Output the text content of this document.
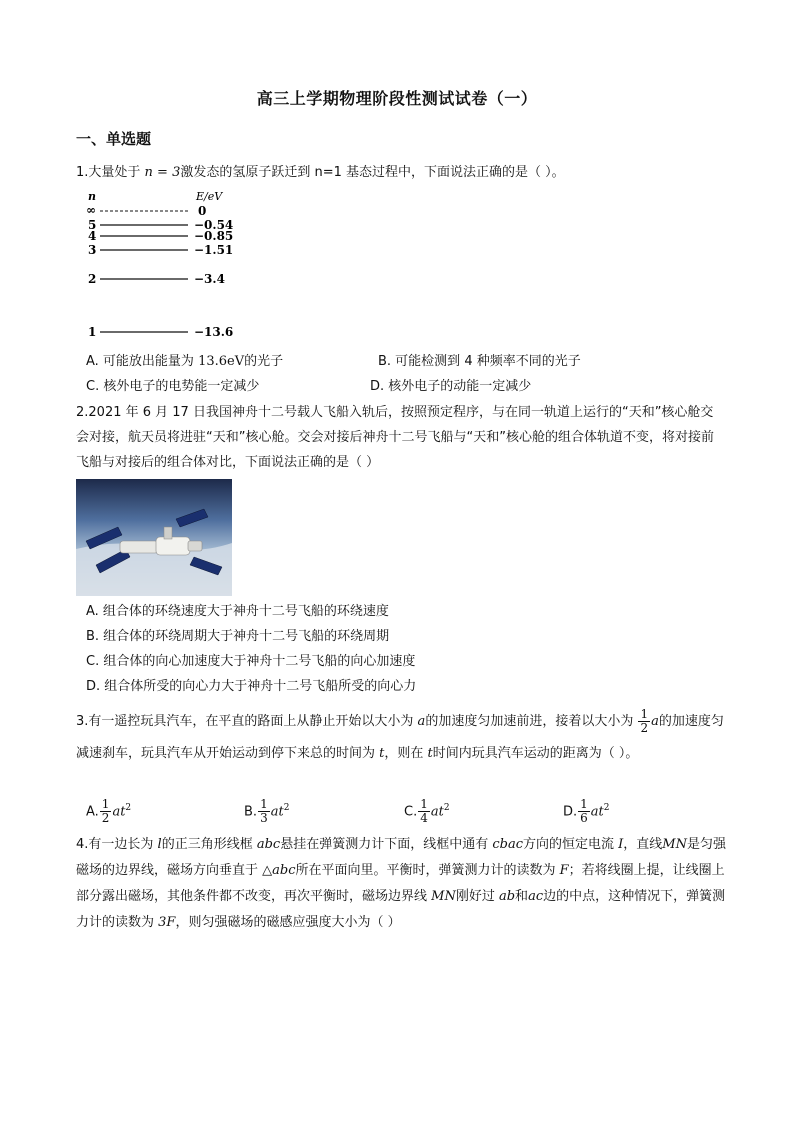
高三上学期物理阶段性测试试卷（一）
一、单选题
1.大量处于 n = 3激发态的氢原子跃迁到 n=1 基态过程中，下面说法正确的是（ ）。
n	E/eV
∞	0
5	−0.54
4	−0.85
3	−1.51
2	−3.4
1	−13.6
A. 可能放出能量为 13.6eV的光子	B. 可能检测到 4 种频率不同的光子
C. 核外电子的电势能一定减少	D. 核外电子的动能一定减少
2.2021 年 6 月 17 日我国神舟十二号载人飞船入轨后，按照预定程序，与在同一轨道上运行的“天和”核心舱交会对接，航天员将进驻“天和”核心舱。交会对接后神舟十二号飞船与“天和”核心舱的组合体轨道不变，将对接前飞船与对接后的组合体对比，下面说法正确的是（ ）
A. 组合体的环绕速度大于神舟十二号飞船的环绕速度
B. 组合体的环绕周期大于神舟十二号飞船的环绕周期
C. 组合体的向心加速度大于神舟十二号飞船的向心加速度
D. 组合体所受的向心力大于神舟十二号飞船所受的向心力
3.有一遥控玩具汽车，在平直的路面上从静止开始以大小为 a的加速度匀加速前进，接着以大小为 $\frac{1}{2}$ a的加速度匀减速刹车，玩具汽车从开始运动到停下来总的时间为 t，则在 t时间内玩具汽车运动的距离为（ ）。
A. $\frac{1}{2} at^2$	B. $\frac{1}{3} at^2$	C. $\frac{1}{4} at^2$	D. $\frac{1}{6} at^2$
4.有一边长为 l的正三角形线框 abc悬挂在弹簧测力计下面，线框中通有 cbac方向的恒定电流 I，直线MN是匀强磁场的边界线，磁场方向垂直于 △abc所在平面向里。平衡时，弹簧测力计的读数为 F；若将线圈上提，让线圈上部分露出磁场，其他条件都不改变，再次平衡时，磁场边界线 MN刚好过 ab和ac边的中点，这种情况下，弹簧测力计的读数为 3F，则匀强磁场的磁感应强度大小为（ ）
